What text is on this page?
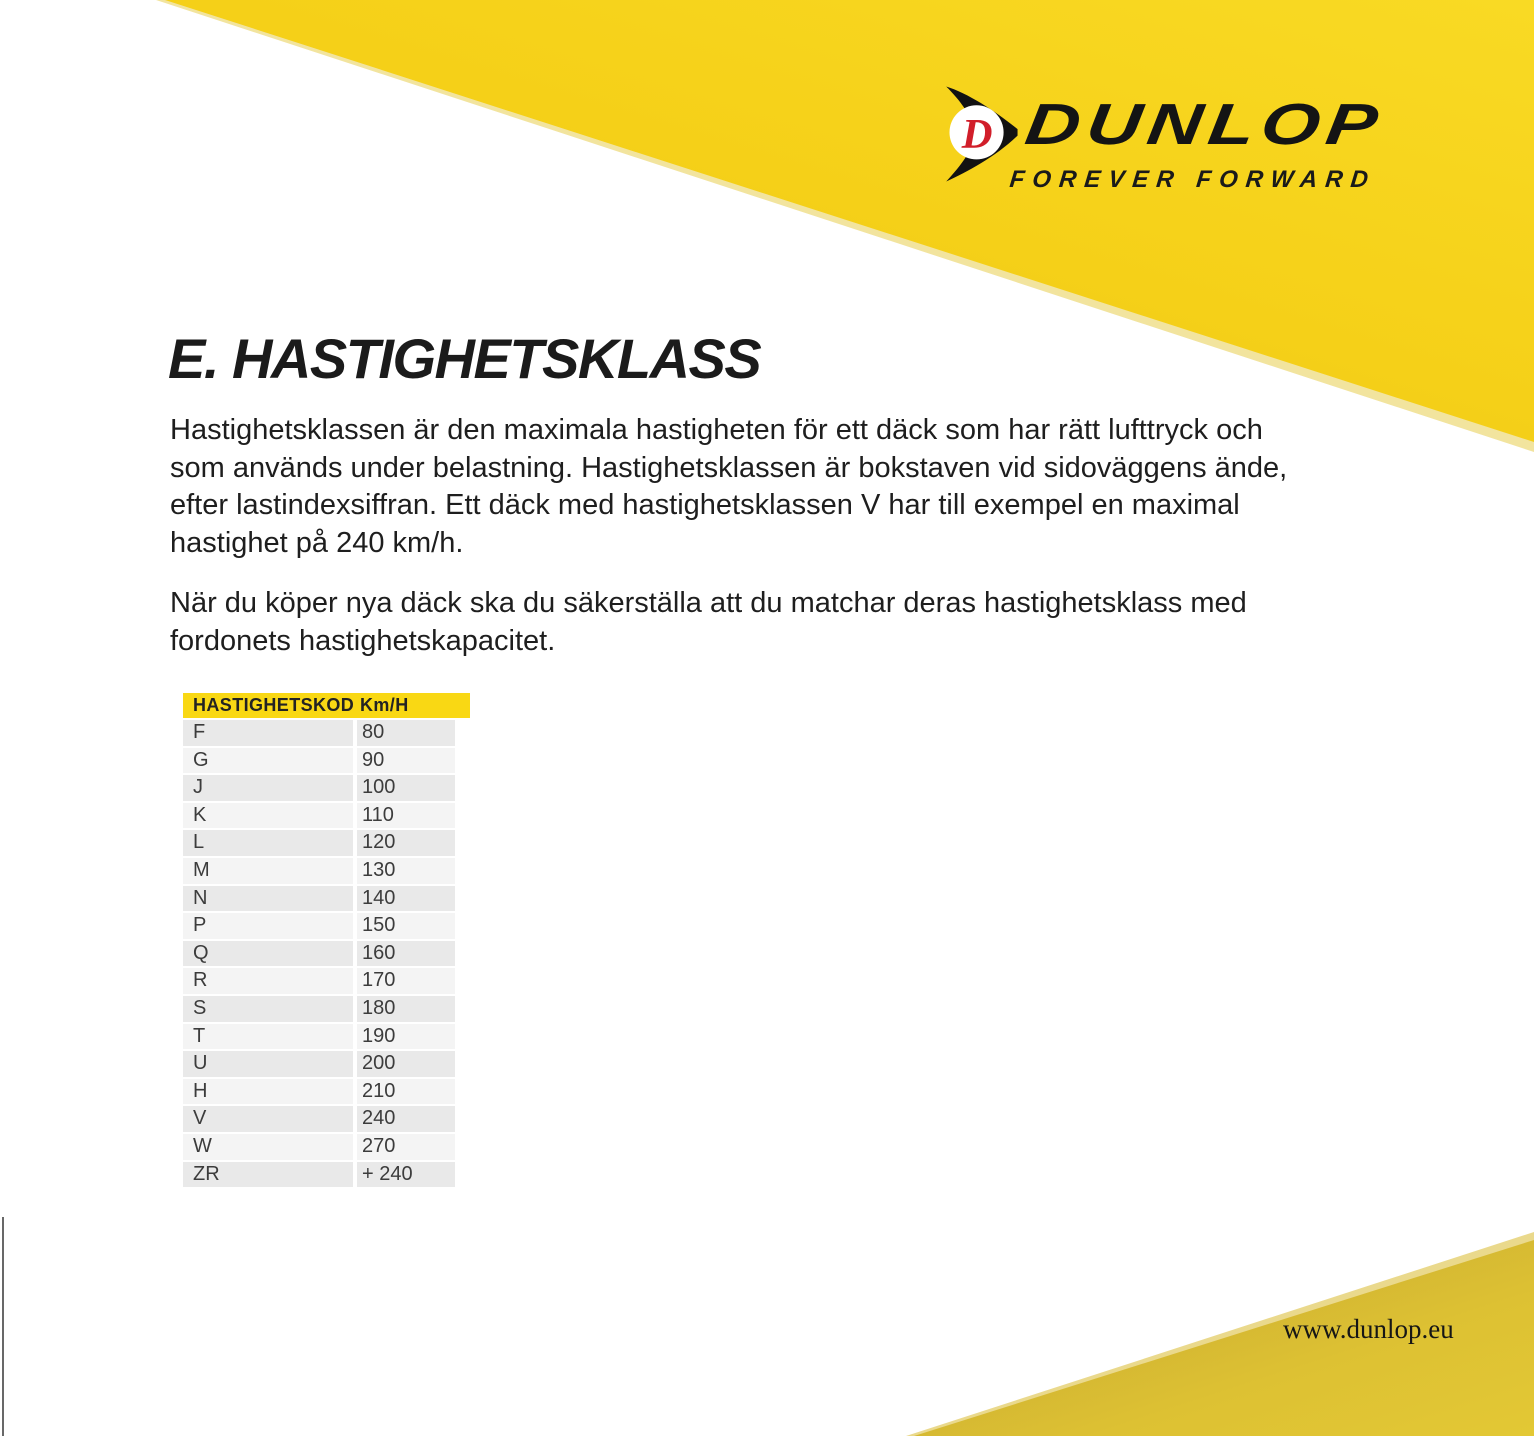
D DUNLOP
FOREVER FORWARD
E. HASTIGHETSKLASS
Hastighetsklassen är den maximala hastigheten för ett däck som har rätt lufttryck och
som används under belastning. Hastighetsklassen är bokstaven vid sidoväggens ände,
efter lastindexsiffran. Ett däck med hastighetsklassen V har till exempel en maximal
hastighet på 240 km/h.
När du köper nya däck ska du säkerställa att du matchar deras hastighetsklass med
fordonets hastighetskapacitet.
HASTIGHETSKOD Km/H
F	80
G	90
J	100
K	110
L	120
M	130
N	140
P	150
Q	160
R	170
S	180
T	190
U	200
H	210
V	240
W	270
ZR	+ 240
www.dunlop.eu
